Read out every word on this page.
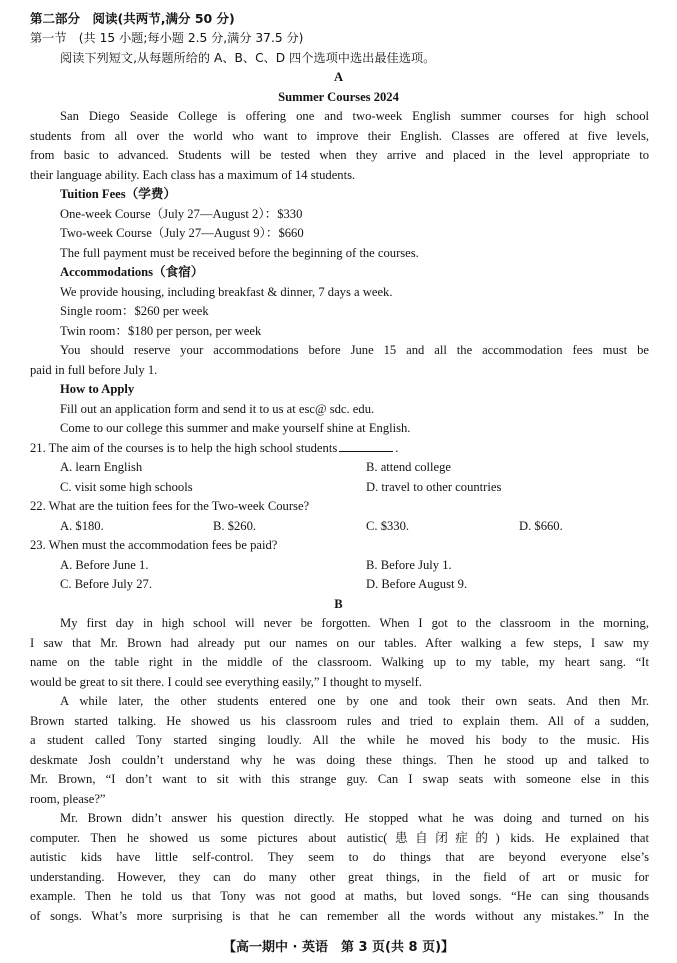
第二部分　阅读(共两节,满分 50 分)
第一节　(共 15 小题;每小题 2.5 分,满分 37.5 分)
阅读下列短文,从每题所给的 A、B、C、D 四个选项中选出最佳选项。
A
Summer Courses 2024
San Diego Seaside College is offering one and two-week English summer courses for high school
students from all over the world who want to improve their English. Classes are offered at five levels,
from basic to advanced. Students will be tested when they arrive and placed in the level appropriate to
their language ability. Each class has a maximum of 14 students.
Tuition Fees（学费）
One-week Course（July 27—August 2）：$330
Two-week Course（July 27—August 9）：$660
The full payment must be received before the beginning of the courses.
Accommodations（食宿）
We provide housing, including breakfast & dinner, 7 days a week.
Single room：$260 per week
Twin room：$180 per person, per week
You should reserve your accommodations before June 15 and all the accommodation fees must be
paid in full before July 1.
How to Apply
Fill out an application form and send it to us at esc@ sdc. edu.
Come to our college this summer and make yourself shine at English.
21. The aim of the courses is to help the high school students	.
A. learn English	B. attend college
C. visit some high schools	D. travel to other countries
22. What are the tuition fees for the Two-week Course?
A. $180.	B. $260.	C. $330.	D. $660.
23. When must the accommodation fees be paid?
A. Before June 1.	B. Before July 1.
C. Before July 27.	D. Before August 9.
B
My first day in high school will never be forgotten. When I got to the classroom in the morning,
I saw that Mr. Brown had already put our names on our tables. After walking a few steps, I saw my
name on the table right in the middle of the classroom. Walking up to my table, my heart sang. “It
would be great to sit there. I could see everything easily,” I thought to myself.
A while later, the other students entered one by one and took their own seats. And then Mr.
Brown started talking. He showed us his classroom rules and tried to explain them. All of a sudden,
a student called Tony started singing loudly. All the while he moved his body to the music. His
deskmate Josh couldn’t understand why he was doing these things. Then he stood up and talked to
Mr. Brown, “I don’t want to sit with this strange guy. Can I swap seats with someone else in this
room, please?”
Mr. Brown didn’t answer his question directly. He stopped what he was doing and turned on his
computer. Then he showed us some pictures about autistic(患自闭症的) kids. He explained that
autistic kids have little self-control. They seem to do things that are beyond everyone else’s
understanding. However, they can do many other great things, in the field of art or music for
example. Then he told us that Tony was not good at maths, but loved songs. “He can sing thousands
of songs. What’s more surprising is that he can remember all the words without any mistakes.” In the
【高一期中 · 英语　第 3 页(共 8 页)】
